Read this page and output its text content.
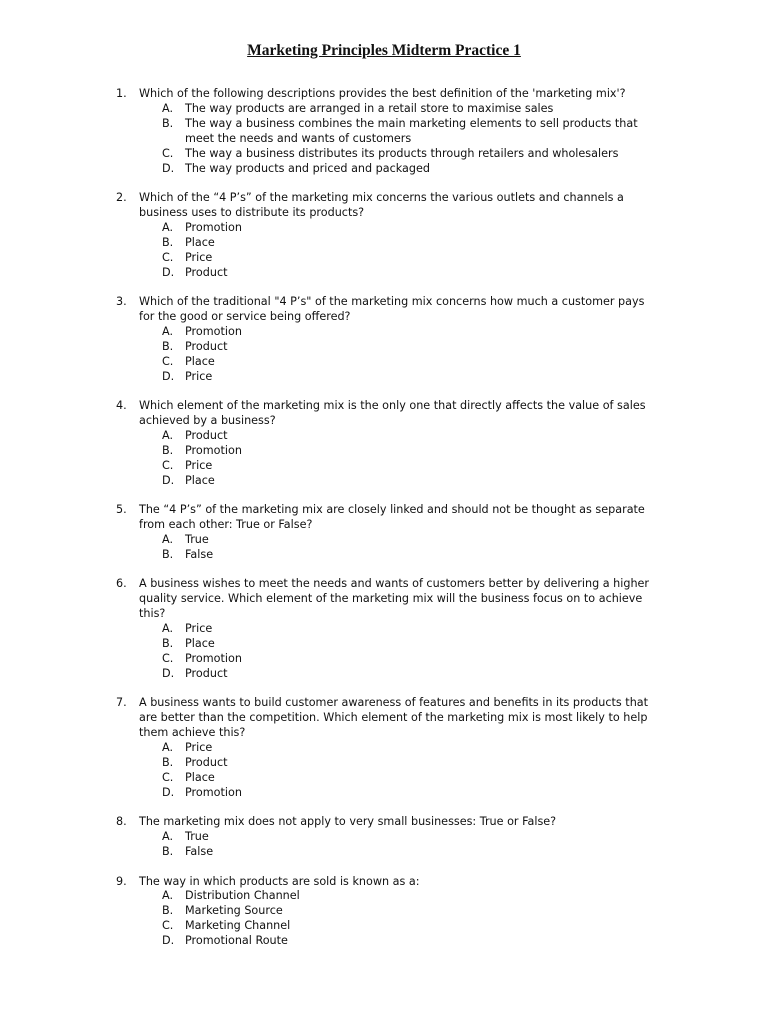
Marketing Principles Midterm Practice 1
1. Which of the following descriptions provides the best definition of the 'marketing mix'?
A. The way products are arranged in a retail store to maximise sales
B. The way a business combines the main marketing elements to sell products that meet the needs and wants of customers
C. The way a business distributes its products through retailers and wholesalers
D. The way products and priced and packaged
2. Which of the “4 P’s” of the marketing mix concerns the various outlets and channels a business uses to distribute its products?
A. Promotion
B. Place
C. Price
D. Product
3. Which of the traditional "4 P’s" of the marketing mix concerns how much a customer pays for the good or service being offered?
A. Promotion
B. Product
C. Place
D. Price
4. Which element of the marketing mix is the only one that directly affects the value of sales achieved by a business?
A. Product
B. Promotion
C. Price
D. Place
5. The “4 P’s” of the marketing mix are closely linked and should not be thought as separate from each other: True or False?
A. True
B. False
6. A business wishes to meet the needs and wants of customers better by delivering a higher quality service. Which element of the marketing mix will the business focus on to achieve this?
A. Price
B. Place
C. Promotion
D. Product
7. A business wants to build customer awareness of features and benefits in its products that are better than the competition. Which element of the marketing mix is most likely to help them achieve this?
A. Price
B. Product
C. Place
D. Promotion
8. The marketing mix does not apply to very small businesses: True or False?
A. True
B. False
9. The way in which products are sold is known as a:
A. Distribution Channel
B. Marketing Source
C. Marketing Channel
D. Promotional Route
